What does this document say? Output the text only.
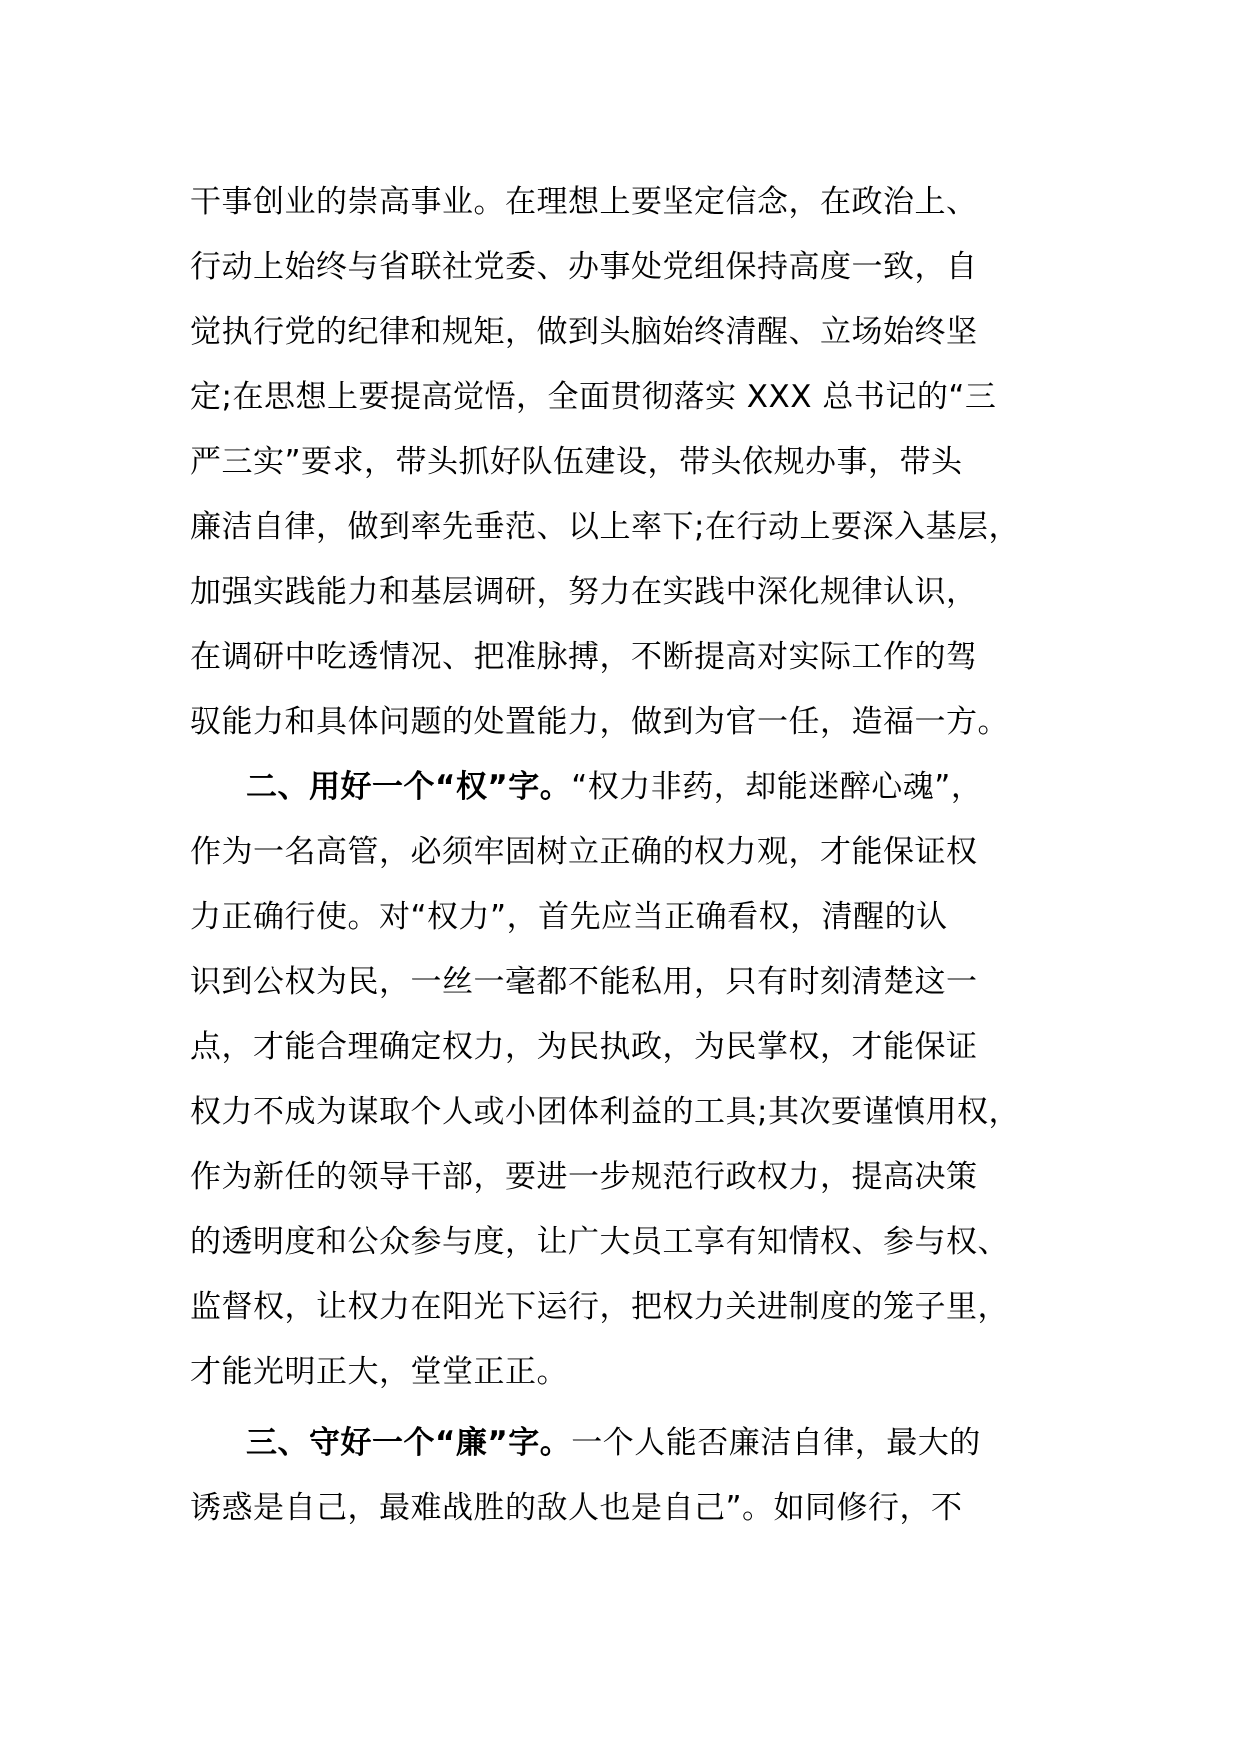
干事创业的崇高事业。在理想上要坚定信念，在政治上、
行动上始终与省联社党委、办事处党组保持高度一致，自
觉执行党的纪律和规矩，做到头脑始终清醒、立场始终坚
定;在思想上要提高觉悟，全面贯彻落实 XXX 总书记的“三
严三实”要求，带头抓好队伍建设，带头依规办事，带头
廉洁自律，做到率先垂范、以上率下;在行动上要深入基层，
加强实践能力和基层调研，努力在实践中深化规律认识，
在调研中吃透情况、把准脉搏，不断提高对实际工作的驾
驭能力和具体问题的处置能力，做到为官一任，造福一方。
二、用好一个“权”字。“权力非药，却能迷醉心魂”，
作为一名高管，必须牢固树立正确的权力观，才能保证权
力正确行使。对“权力”，首先应当正确看权，清醒的认
识到公权为民，一丝一毫都不能私用，只有时刻清楚这一
点，才能合理确定权力，为民执政，为民掌权，才能保证
权力不成为谋取个人或小团体利益的工具;其次要谨慎用权，
作为新任的领导干部，要进一步规范行政权力，提高决策
的透明度和公众参与度，让广大员工享有知情权、参与权、
监督权，让权力在阳光下运行，把权力关进制度的笼子里，
才能光明正大，堂堂正正。
三、守好一个“廉”字。一个人能否廉洁自律，最大的
诱惑是自己，最难战胜的敌人也是自己”。如同修行，不
